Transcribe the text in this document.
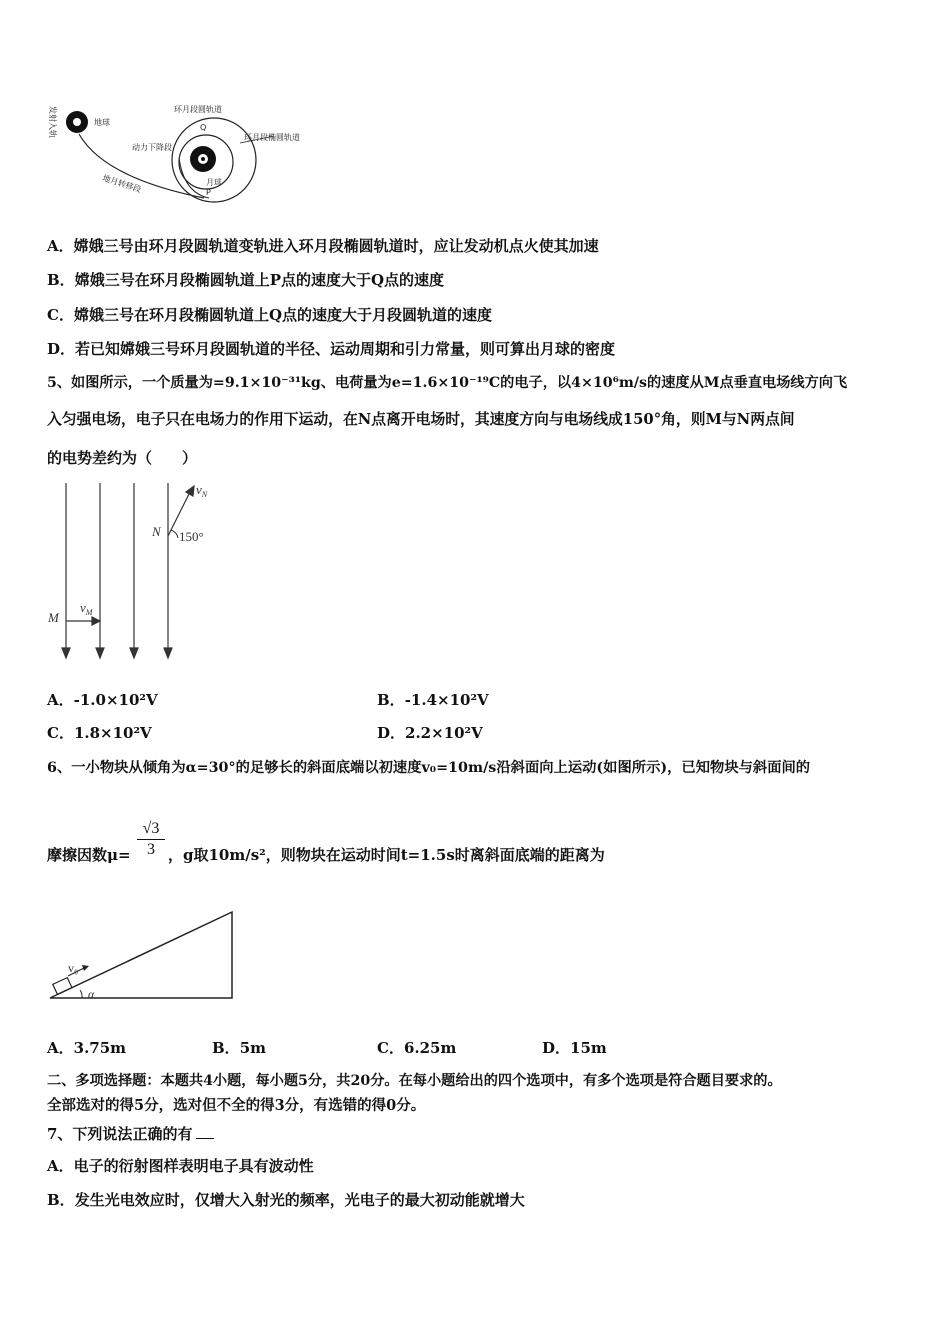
发射入轨	地球
环月段圆轨道
环月段椭圆轨道
动力下降段
地月转移段
Q
月球
P
A．嫦娥三号由环月段圆轨道变轨进入环月段椭圆轨道时，应让发动机点火使其加速
B．嫦娥三号在环月段椭圆轨道上P点的速度大于Q点的速度
C．嫦娥三号在环月段椭圆轨道上Q点的速度大于月段圆轨道的速度
D．若已知嫦娥三号环月段圆轨道的半径、运动周期和引力常量，则可算出月球的密度
5、如图所示，一个质量为=9.1×10⁻³¹kg、电荷量为e=1.6×10⁻¹⁹C的电子，以4×10⁶m/s的速度从M点垂直电场线方向飞
入匀强电场，电子只在电场力的作用下运动，在N点离开电场时，其速度方向与电场线成150°角，则M与N两点间
的电势差约为（　　）
$v_N$
N 150°
M
$v_M$
A．-1.0×10²V	B．-1.4×10²V
C．1.8×10²V	D．2.2×10²V
6、一小物块从倾角为α=30°的足够长的斜面底端以初速度v₀=10m/s沿斜面向上运动(如图所示)，已知物块与斜面间的
摩擦因数μ=
√3
3 ，g取10m/s²，则物块在运动时间t=1.5s时离斜面底端的距离为
v₀
α
A．3.75m	B．5m	C．6.25m	D．15m
二、多项选择题：本题共4小题，每小题5分，共20分。在每小题给出的四个选项中，有多个选项是符合题目要求的。
全部选对的得5分，选对但不全的得3分，有选错的得0分。
7、下列说法正确的有
A．电子的衍射图样表明电子具有波动性
B．发生光电效应时，仅增大入射光的频率，光电子的最大初动能就增大
